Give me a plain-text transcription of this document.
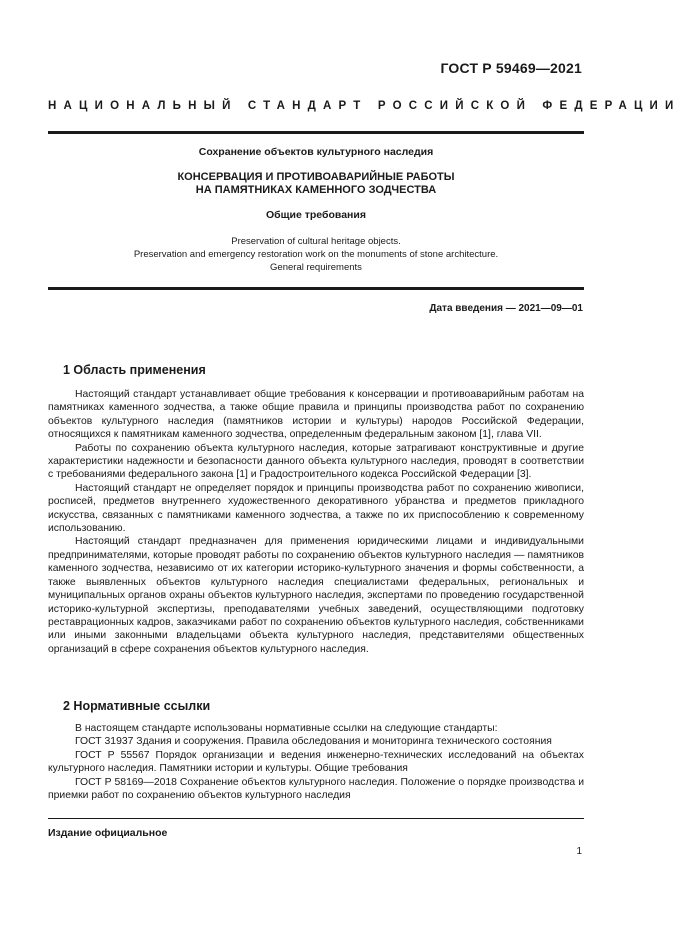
ГОСТ Р 59469—2021
НАЦИОНАЛЬНЫЙ СТАНДАРТ РОССИЙСКОЙ ФЕДЕРАЦИИ
Сохранение объектов культурного наследия
КОНСЕРВАЦИЯ И ПРОТИВОАВАРИЙНЫЕ РАБОТЫ
НА ПАМЯТНИКАХ КАМЕННОГО ЗОДЧЕСТВА
Общие требования
Preservation of cultural heritage objects.
Preservation and emergency restoration work on the monuments of stone architecture.
General requirements
Дата введения — 2021—09—01
1 Область применения

Настоящий стандарт устанавливает общие требования к консервации и противоаварийным работам на памятниках каменного зодчества, а также общие правила и принципы производства работ по сохранению объектов культурного наследия (памятников истории и культуры) народов Российской Федерации, относящихся к памятникам каменного зодчества, определенным федеральным законом [1], глава VII.

Работы по сохранению объекта культурного наследия, которые затрагивают конструктивные и другие характеристики надежности и безопасности данного объекта культурного наследия, проводят в соответствии с требованиями федерального закона [1] и Градостроительного кодекса Российской Федерации [3].

Настоящий стандарт не определяет порядок и принципы производства работ по сохранению живописи, росписей, предметов внутреннего художественного декоративного убранства и предметов прикладного искусства, связанных с памятниками каменного зодчества, а также по их приспособлению к современному использованию.

Настоящий стандарт предназначен для применения юридическими лицами и индивидуальными предпринимателями, которые проводят работы по сохранению объектов культурного наследия — памятников каменного зодчества, независимо от их категории историко-культурного значения и формы собственности, а также выявленных объектов культурного наследия специалистами федеральных, региональных и муниципальных органов охраны объектов культурного наследия, экспертами по проведению государственной историко-культурной экспертизы, преподавателями учебных заведений, осуществляющими подготовку реставрационных кадров, заказчиками работ по сохранению объектов культурного наследия, собственниками или иными законными владельцами объекта культурного наследия, представителями общественных организаций в сфере сохранения объектов культурного наследия.

2 Нормативные ссылки

В настоящем стандарте использованы нормативные ссылки на следующие стандарты:

ГОСТ 31937 Здания и сооружения. Правила обследования и мониторинга технического состояния

ГОСТ Р 55567 Порядок организации и ведения инженерно-технических исследований на объектах культурного наследия. Памятники истории и культуры. Общие требования

ГОСТ Р 58169—2018 Сохранение объектов культурного наследия. Положение о порядке производства и приемки работ по сохранению объектов культурного наследия

Издание официальное
1
